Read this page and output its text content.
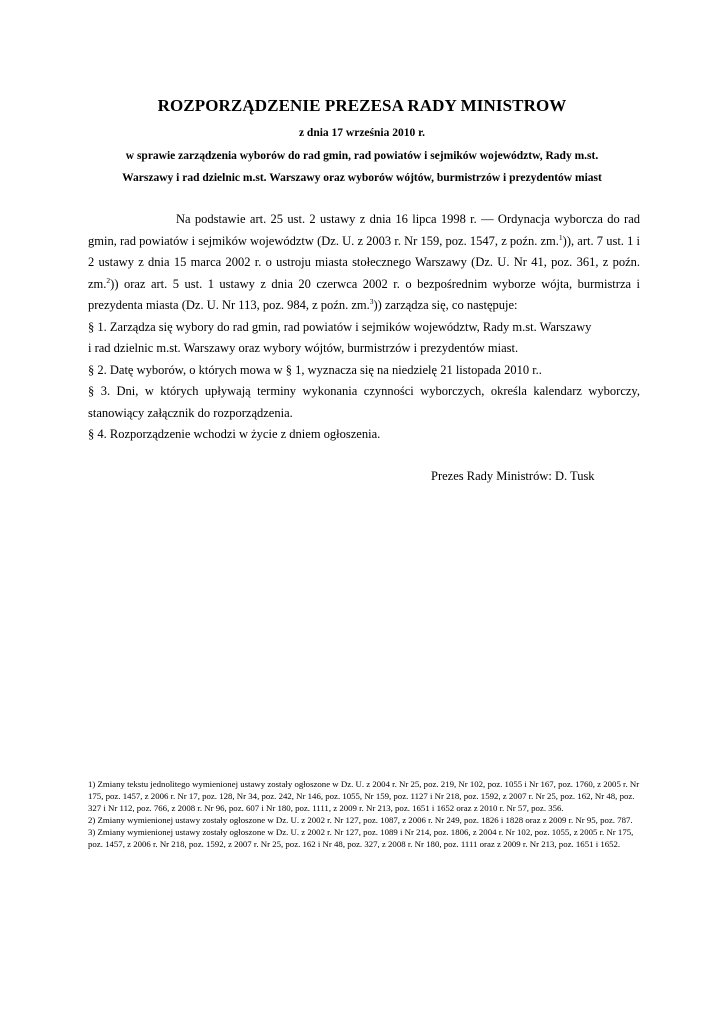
ROZPORZĄDZENIE PREZESA RADY MINISTROW
z dnia 17 września 2010 r.
w sprawie zarządzenia wyborów do rad gmin, rad powiatów i sejmików województw, Rady m.st.
Warszawy i rad dzielnic m.st. Warszawy oraz wyborów wójtów, burmistrzów i prezydentów miast

Na podstawie art. 25 ust. 2 ustawy z dnia 16 lipca 1998 r. — Ordynacja wyborcza do rad gmin, rad powiatów i sejmików województw (Dz. U. z 2003 r. Nr 159, poz. 1547, z poźn. zm.$^1$)), art. 7 ust. 1 i 2 ustawy z dnia 15 marca 2002 r. o ustroju miasta stołecznego Warszawy (Dz. U. Nr 41, poz. 361, z poźn. zm.$^2$)) oraz art. 5 ust. 1 ustawy z dnia 20 czerwca 2002 r. o bezpośrednim wyborze wójta, burmistrza i prezydenta miasta (Dz. U. Nr 113, poz. 984, z poźn. zm.$^3$)) zarządza się, co następuje:

§ 1. Zarządza się wybory do rad gmin, rad powiatów i sejmików województw, Rady m.st. Warszawy

i rad dzielnic m.st. Warszawy oraz wybory wójtów, burmistrzów i prezydentów miast.

§ 2. Datę wyborów, o których mowa w § 1, wyznacza się na niedzielę 21 listopada 2010 r..

§ 3. Dni, w których upływają terminy wykonania czynności wyborczych, określa kalendarz wyborczy, stanowiący załącznik do rozporządzenia.

§ 4. Rozporządzenie wchodzi w życie z dniem ogłoszenia.

Prezes Rady Ministrów: D. Tusk

1) Zmiany tekstu jednolitego wymienionej ustawy zostały ogłoszone w Dz. U. z 2004 r. Nr 25, poz. 219, Nr 102, poz. 1055 i Nr 167, poz. 1760, z 2005 r. Nr 175, poz. 1457, z 2006 r. Nr 17, poz. 128, Nr 34, poz. 242, Nr 146, poz. 1055, Nr 159, poz. 1127 i Nr 218, poz. 1592, z 2007 r. Nr 25, poz. 162, Nr 48, poz. 327 i Nr 112, poz. 766, z 2008 r. Nr 96, poz. 607 i Nr 180, poz. 1111, z 2009 r. Nr 213, poz. 1651 i 1652 oraz z 2010 r. Nr 57, poz. 356.

2) Zmiany wymienionej ustawy zostały ogłoszone w Dz. U. z 2002 r. Nr 127, poz. 1087, z 2006 r. Nr 249, poz. 1826 i 1828 oraz z 2009 r. Nr 95, poz. 787.

3) Zmiany wymienionej ustawy zostały ogłoszone w Dz. U. z 2002 r. Nr 127, poz. 1089 i Nr 214, poz. 1806, z 2004 r. Nr 102, poz. 1055, z 2005 r. Nr 175, poz. 1457, z 2006 r. Nr 218, poz. 1592, z 2007 r. Nr 25, poz. 162 i Nr 48, poz. 327, z 2008 r. Nr 180, poz. 1111 oraz z 2009 r. Nr 213, poz. 1651 i 1652.
